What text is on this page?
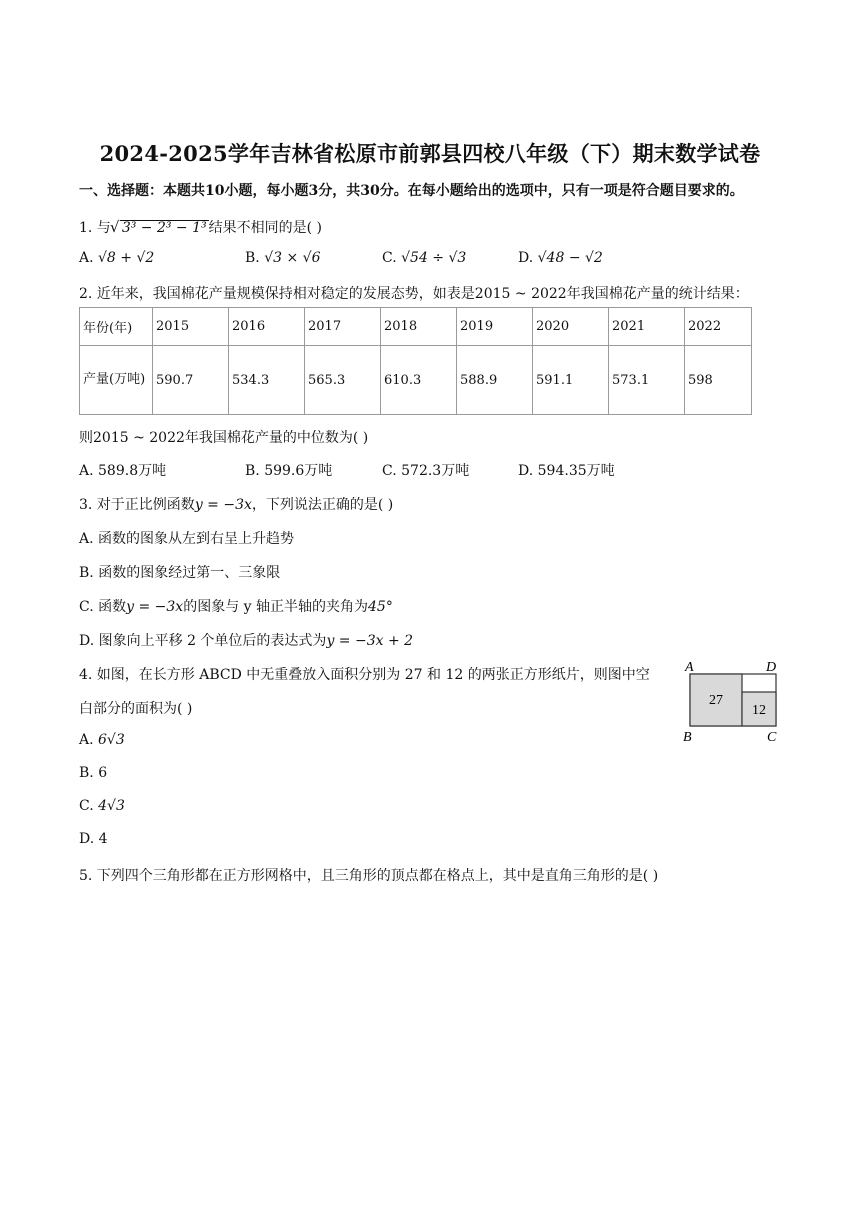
2024-2025学年吉林省松原市前郭县四校八年级（下）期末数学试卷
一、选择题：本题共10小题，每小题3分，共30分。在每小题给出的选项中，只有一项是符合题目要求的。
1. 与 √ 3³ − 2³ − 1³ 结果不相同的是( )
A. √8 + √2	B. √3 × √6	C. √54 ÷ √3	D. √48 − √2
2. 近年来，我国棉花产量规模保持相对稳定的发展态势，如表是2015 ~ 2022年我国棉花产量的统计结果：
年份(年)	2015	2016	2017	2018	2019	2020	2021	2022
产量(万吨)	590.7	534.3	565.3	610.3	588.9	591.1	573.1	598
则2015 ~ 2022年我国棉花产量的中位数为( )
A. 589.8万吨	B. 599.6万吨	C. 572.3万吨	D. 594.35万吨
3. 对于正比例函数y = −3x，下列说法正确的是( )
A. 函数的图象从左到右呈上升趋势
B. 函数的图象经过第一、三象限
C. 函数y = −3x的图象与 y 轴正半轴的夹角为45°
D. 图象向上平移 2 个单位后的表达式为y = −3x + 2
4. 如图，在长方形 ABCD 中无重叠放入面积分别为 27 和 12 的两张正方形纸片，则图中空
白部分的面积为( )
A. 6√3
B. 6
C. 4√3
D. 4
27
12
A	D
B	C
5. 下列四个三角形都在正方形网格中，且三角形的顶点都在格点上，其中是直角三角形的是( )
